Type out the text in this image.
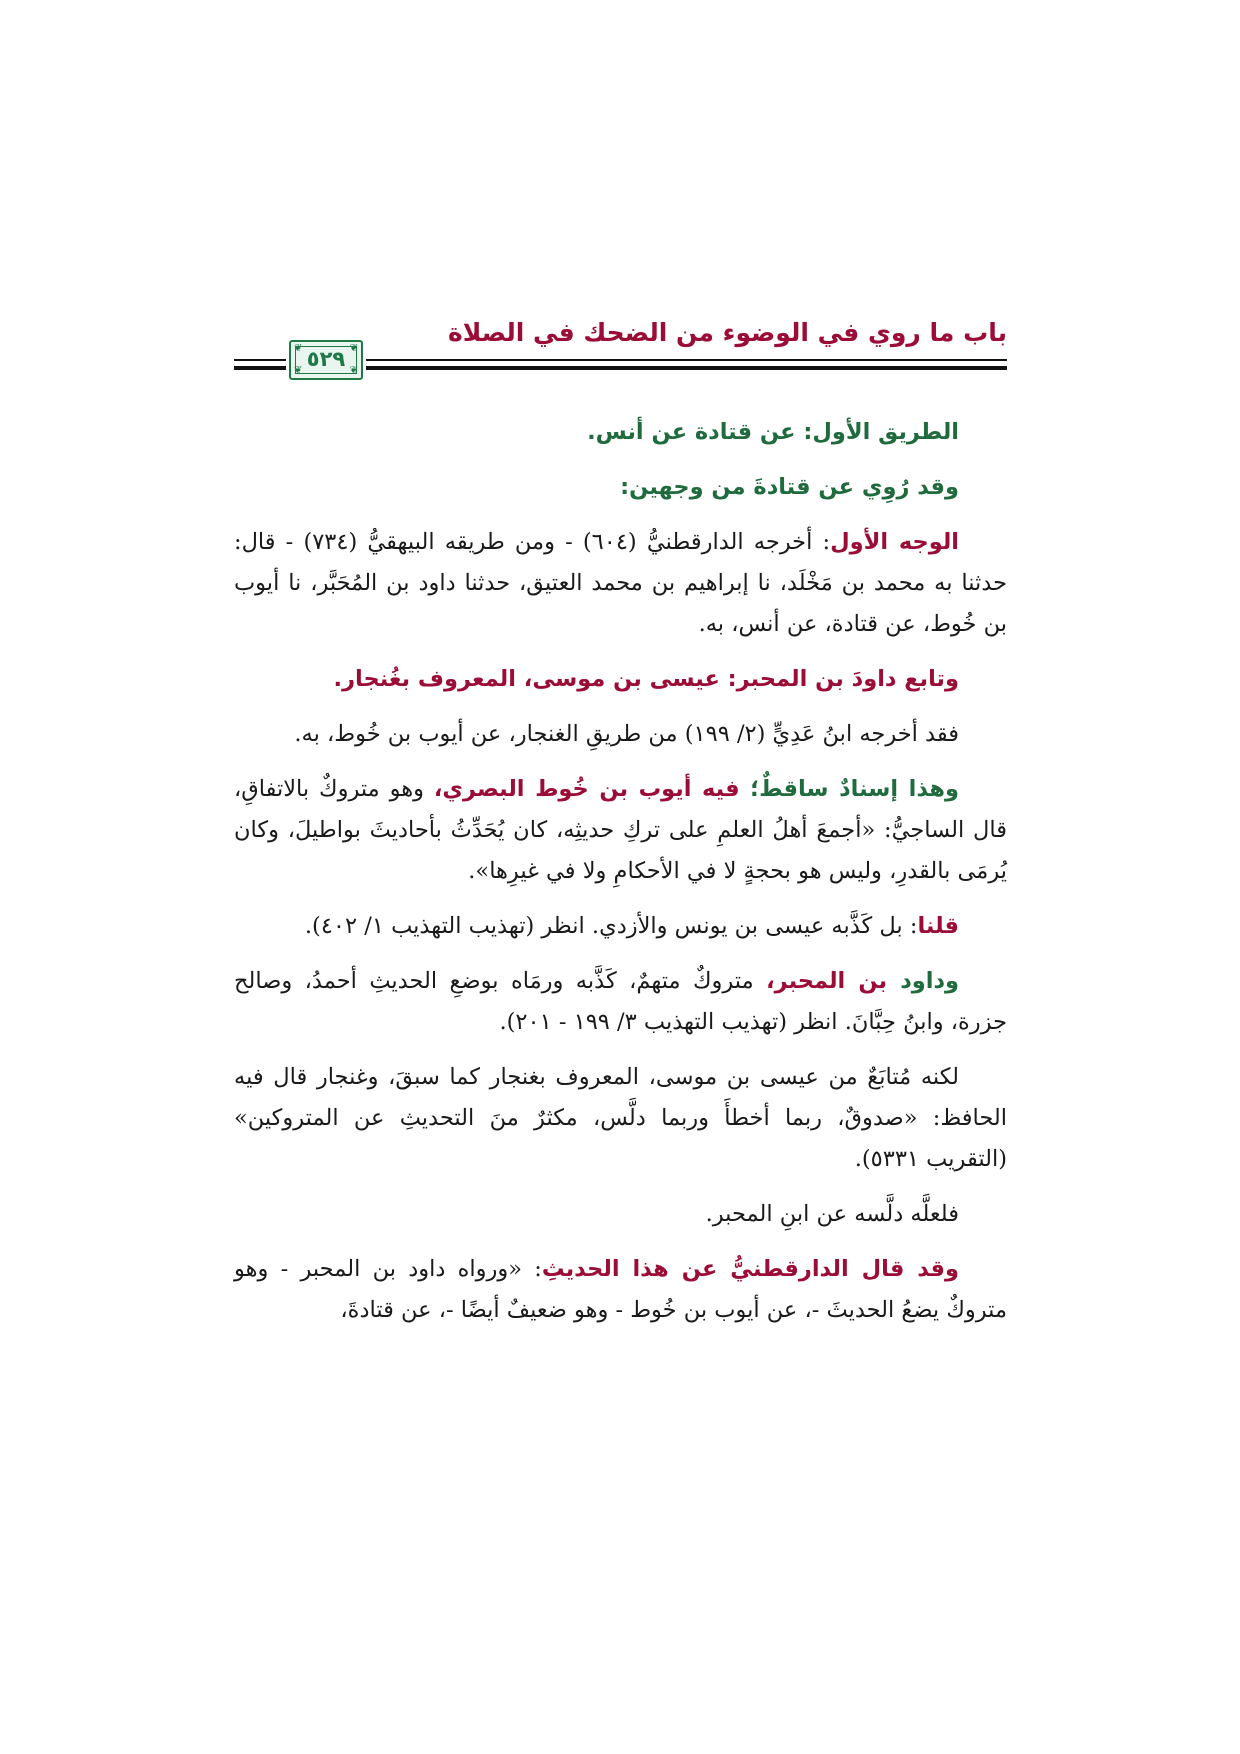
باب ما روي في الوضوء من الضحك في الصلاة
❦	❦
❦	❦
٥٢٩

الطريق الأول: عن قتادة عن أنس.

وقد رُوِي عن قتادةَ من وجهين:

الوجه الأول: أخرجه الدارقطنيُّ (٦٠٤) - ومن طريقه البيهقيُّ (٧٣٤) - قال: حدثنا به محمد بن مَخْلَد، نا إبراهيم بن محمد العتيق، حدثنا داود بن المُحَبَّر، نا أيوب بن خُوط، عن قتادة، عن أنس، به.

وتابع داودَ بن المحبر: عيسى بن موسى، المعروف بغُنجار.

فقد أخرجه ابنُ عَدِيٍّ (٢/ ١٩٩) من طريقِ الغنجار، عن أيوب بن خُوط، به.

وهذا إسنادٌ ساقطٌ؛ فيه أيوب بن خُوط البصري، وهو متروكٌ بالاتفاقِ، قال الساجيُّ: «أجمعَ أهلُ العلمِ على تركِ حديثِه، كان يُحَدِّثُ بأحاديثَ بواطيلَ، وكان يُرمَى بالقدرِ، وليس هو بحجةٍ لا في الأحكامِ ولا في غيرِها».

قلنا: بل كَذَّبه عيسى بن يونس والأزدي. انظر (تهذيب التهذيب ١/ ٤٠٢).

وداود بن المحبر، متروكٌ متهمٌ، كَذَّبه ورمَاه بوضعِ الحديثِ أحمدُ، وصالح جزرة، وابنُ حِبَّانَ. انظر (تهذيب التهذيب ٣/ ١٩٩ - ٢٠١).

لكنه مُتابَعٌ من عيسى بن موسى، المعروف بغنجار كما سبقَ، وغنجار قال فيه الحافظ: «صدوقٌ، ربما أخطأَ وربما دلَّس، مكثرٌ منَ التحديثِ عن المتروكين» (التقريب ٥٣٣١).

فلعلَّه دلَّسه عن ابنِ المحبر.

وقد قال الدارقطنيُّ عن هذا الحديثِ: «ورواه داود بن المحبر - وهو متروكٌ يضعُ الحديثَ -، عن أيوب بن خُوط - وهو ضعيفٌ أيضًا -، عن قتادةَ،
